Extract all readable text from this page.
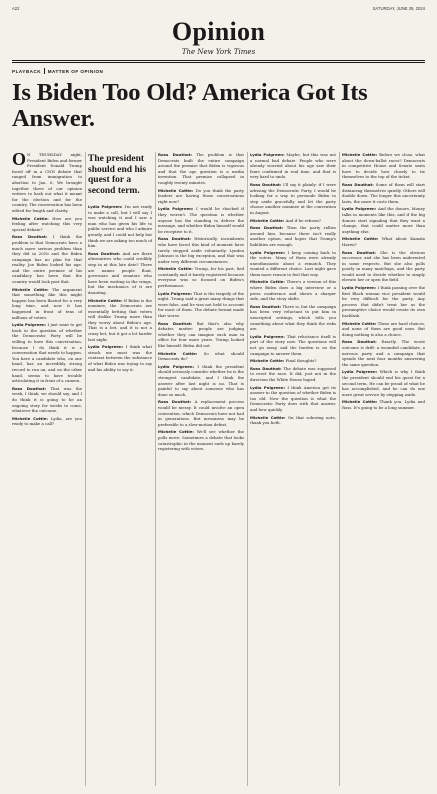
A22	SATURDAY, JUNE 29, 2024
Opinion
The New York Times
PLAYBACK MATTER OF OPINION
Is Biden Too Old? America Got Its Answer.

O N THURSDAY night, President Biden and former President Donald Trump faced off in a CNN debate that ranged from immigration to abortion to Jan. 6. We brought together three of our opinion writers to hash out what it meant for the election and for the country. The conversation has been edited for length and clarity.

Michelle Cottle: How are you feeling after watching this very special debate?

Ross Douthat: I think the problem is that Democrats have a much more serious problem than they did in 2016 and the Biden campaign has no plan for that reality. Joe Biden looked his age, and the entire premise of his candidacy has been that the country would look past that.

Michelle Cottle: The argument that something like this might happen has been floated for a very long time, and now it has happened in front of tens of millions of voters.

Lydia Polgreen: I just want to get back to the question of whether the Democratic Party will be willing to have this conversation, because I do think it is a conversation that needs to happen. You have a candidate who, on one hand, has an incredibly strong record to run on, and on the other hand, seems to have trouble articulating it in front of a camera.

Ross Douthat: That was the week, I think, we should say, and I do think it is going to be an ongoing story for weeks to come, whatever the outcome.

Michelle Cottle: Lydia, are you ready to make a call?

The president should end his quest for a second term.

Lydia Polgreen: I'm not ready to make a call, but I will say I was watching it and I saw a man who has given his life to public service and who I admire greatly, and I could not help but think we are asking too much of him.

Ross Douthat: And are there alternatives who could credibly step in at this late date? There are names people float, governors and senators who have been waiting in the wings, but the mechanics of it are daunting.

Michelle Cottle: If Biden is the nominee, the Democrats are essentially betting that voters will dislike Trump more than they worry about Biden's age. That is a bet, and it is not a crazy bet, but it got a lot harder last night.

Lydia Polgreen: I think what struck me most was the contrast between the substance of what Biden was trying to say and his ability to say it.

Ross Douthat: The problem is that Democrats built the entire campaign around the premise that Biden is vigorous and that the age question is a media invention. That premise collapsed in roughly twenty minutes.

Michelle Cottle: Do you think the party leaders are having those conversations right now?

Lydia Polgreen: I would be shocked if they weren't. The question is whether anyone has the standing to deliver the message, and whether Biden himself would be receptive to it.

Ross Douthat: Historically, incumbents who have faced this kind of moment have rarely stepped aside voluntarily. Lyndon Johnson is the big exception, and that was under very different circumstances.

Michelle Cottle: Trump, for his part, lied constantly and it barely registered because everyone was so focused on Biden's performance.

Lydia Polgreen: That is the tragedy of the night. Trump said a great many things that were false, and he was not held to account for most of them. The debate format made that worse.

Ross Douthat: But that's also why debates matter: people are judging whether they can imagine each man in office for four more years. Trump looked like himself. Biden did not.

Michelle Cottle: So what should Democrats do?

Lydia Polgreen: I think the president should seriously consider whether he is the strongest candidate, and I think the answer after last night is no. That is painful to say about someone who has done so much.

Ross Douthat: A replacement process would be messy. It could involve an open convention, which Democrats have not had in generations. But messiness may be preferable to a slow-motion defeat.

Michelle Cottle: We'll see whether the polls move. Sometimes a debate that looks catastrophic in the moment ends up barely registering with voters.

Lydia Polgreen: Maybe, but this was not a normal bad debate. People who were already worried about his age saw their fears confirmed in real time, and that is very hard to undo.

Ross Douthat: I'll say it plainly: if I were advising the Democratic Party, I would be looking for a way to persuade Biden to step aside gracefully and let the party choose another nominee at the convention in August.

Michelle Cottle: And if he refuses?

Ross Douthat: Then the party rallies around him, because there isn't really another option, and hopes that Trump's liabilities are enough.

Lydia Polgreen: I keep coming back to the voters. Many of them were already unenthusiastic about a rematch. They wanted a different choice. Last night gave them more reason to feel that way.

Michelle Cottle: There's a version of this where Biden does a big interview or a press conference and shows a sharper side, and the story shifts.

Ross Douthat: There is, but the campaign has been very reluctant to put him in unscripted settings, which tells you something about what they think the risks are.

Lydia Polgreen: That reluctance itself is part of the story now. The questions will not go away, and the burden is on the campaign to answer them.

Michelle Cottle: Final thoughts?

Ross Douthat: The debate was supposed to reset the race. It did, just not in the direction the White House hoped.

Lydia Polgreen: I think America got its answer to the question of whether Biden is too old. Now the question is what the Democratic Party does with that answer, and how quickly.

Michelle Cottle: On that sobering note, thank you both.

Michelle Cottle: Before we close, what about the down-ballot races? Democrats in competitive House and Senate seats have to decide how closely to tie themselves to the top of the ticket.

Ross Douthat: Some of them will start distancing themselves quietly. Others will double down. The longer this uncertainty lasts, the more it costs them.

Lydia Polgreen: And the donors. Money talks in moments like this, and if the big donors start signaling that they want a change, that could matter more than anything else.

Michelle Cottle: What about Kamala Harris?

Ross Douthat: She is the obvious successor, and she has been underrated in some respects. But she also polls poorly in many matchups, and the party would need to decide whether to simply elevate her or open the field.

Lydia Polgreen: I think passing over the first Black woman vice president would be very difficult for the party. Any process that didn't treat her as the presumptive choice would create its own backlash.

Michelle Cottle: These are hard choices, and none of them are good ones. But doing nothing is also a choice.

Ross Douthat: Exactly. The worst outcome is drift: a wounded candidate, a nervous party and a campaign that spends the next four months answering the same question.

Lydia Polgreen: Which is why I think the president should end his quest for a second term. He can be proud of what he has accomplished, and he can do one more great service by stepping aside.

Michelle Cottle: Thank you, Lydia and Ross. It's going to be a long summer.
